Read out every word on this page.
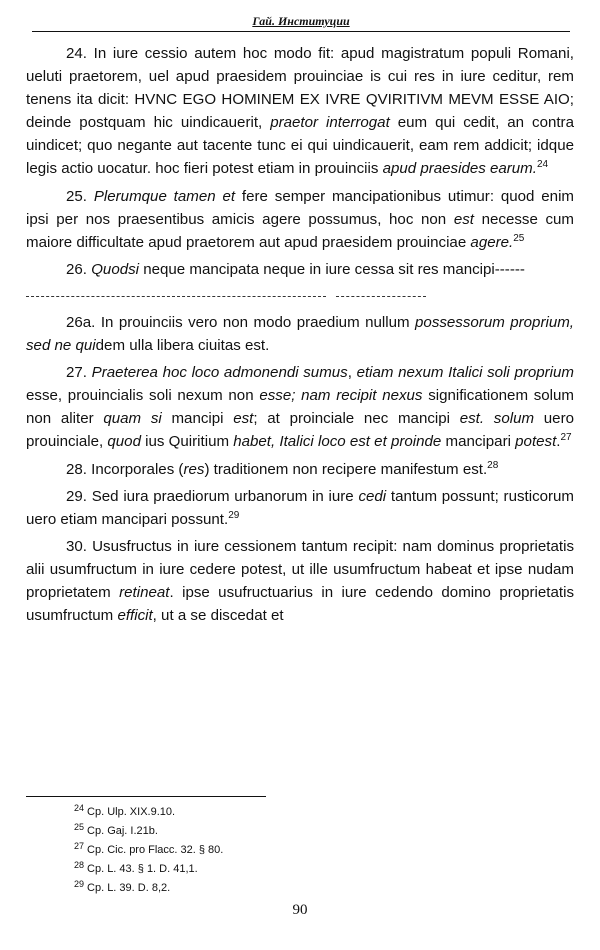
Гай. Институции

24. In iure cessio autem hoc modo fit: apud magistratum populi Romani, ueluti praetorem, uel apud praesidem prouinciae is cui res in iure ceditur, rem tenens ita dicit: HVNC EGO HOMINEM EX IVRE QVIRITIVM MEVM ESSE AIO; deinde postquam hic uindicauerit, praetor interrogat eum qui cedit, an contra uindicet; quo negante aut tacente tunc ei qui uindicauerit, eam rem addicit; idque legis actio uocatur. hoc fieri potest etiam in prouinciis apud praesides earum.$^{24}$

25. Plerumque tamen et fere semper mancipationibus utimur: quod enim ipsi per nos praesentibus amicis agere possumus, hoc non est necesse cum maiore difficultate apud praetorem aut apud praesidem prouinciae agere.$^{25}$

26. Quodsi neque mancipata neque in iure cessa sit res mancipi------

26a. In prouinciis vero non modo praedium nullum possessorum proprium, sed ne quidem ulla libera ciuitas est.

27. Praeterea hoc loco admonendi sumus, etiam nexum Italici soli proprium esse, prouincialis soli nexum non esse; nam recipit nexus significationem solum non aliter quam si mancipi est; at proinciale nec mancipi est. solum uero prouinciale, quod ius Quiritium habet, Italici loco est et proinde mancipari potest.$^{27}$

28. Incorporales (res) traditionem non recipere manifestum est.$^{28}$

29. Sed iura praediorum urbanorum in iure cedi tantum possunt; rusticorum uero etiam mancipari possunt.$^{29}$

30. Ususfructus in iure cessionem tantum recipit: nam dominus proprietatis alii usumfructum in iure cedere potest, ut ille usumfructum habeat et ipse nudam proprietatem retineat. ipse usufructuarius in iure cedendo domino proprietatis usumfructum efficit, ut a se discedat et

$^{24}$ Cp. Ulp. XIX.9.10.
$^{25}$ Cp. Gaj. I.21b.
$^{27}$ Cp. Cic. pro Flacc. 32. § 80.
$^{28}$ Cp. L. 43. § 1. D. 41,1.
$^{29}$ Cp. L. 39. D. 8,2.
90
